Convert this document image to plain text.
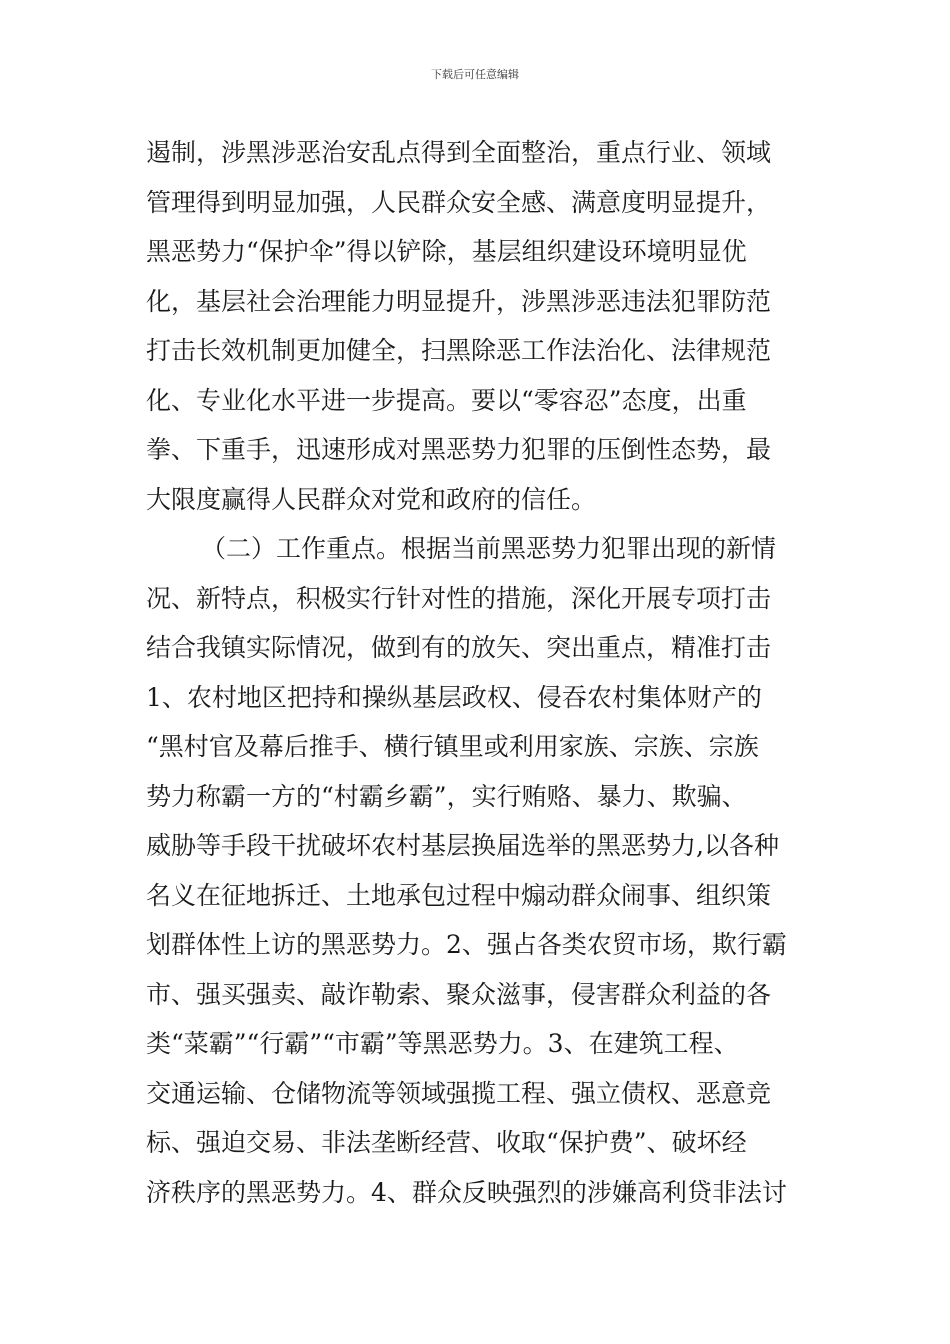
下载后可任意编辑
遏制，涉黑涉恶治安乱点得到全面整治，重点行业、领域
管理得到明显加强，人民群众安全感、满意度明显提升，
黑恶势力“保护伞”得以铲除，基层组织建设环境明显优
化，基层社会治理能力明显提升，涉黑涉恶违法犯罪防范
打击长效机制更加健全，扫黑除恶工作法治化、法律规范
化、专业化水平进一步提高。要以“零容忍”态度，出重
拳、下重手，迅速形成对黑恶势力犯罪的压倒性态势，最
大限度赢得人民群众对党和政府的信任。
（二）工作重点。根据当前黑恶势力犯罪出现的新情
况、新特点，积极实行针对性的措施，深化开展专项打击
结合我镇实际情况，做到有的放矢、突出重点，精准打击
1、农村地区把持和操纵基层政权、侵吞农村集体财产的
“黑村官及幕后推手、横行镇里或利用家族、宗族、宗族
势力称霸一方的“村霸乡霸”，实行贿赂、暴力、欺骗、
威胁等手段干扰破坏农村基层换届选举的黑恶势力,以各种
名义在征地拆迁、土地承包过程中煽动群众闹事、组织策
划群体性上访的黑恶势力。2、强占各类农贸市场，欺行霸
市、强买强卖、敲诈勒索、聚众滋事，侵害群众利益的各
类“菜霸”“行霸”“市霸”等黑恶势力。3、在建筑工程、
交通运输、仓储物流等领域强揽工程、强立债权、恶意竞
标、强迫交易、非法垄断经营、收取“保护费”、破坏经
济秩序的黑恶势力。4、群众反映强烈的涉嫌高利贷非法讨
